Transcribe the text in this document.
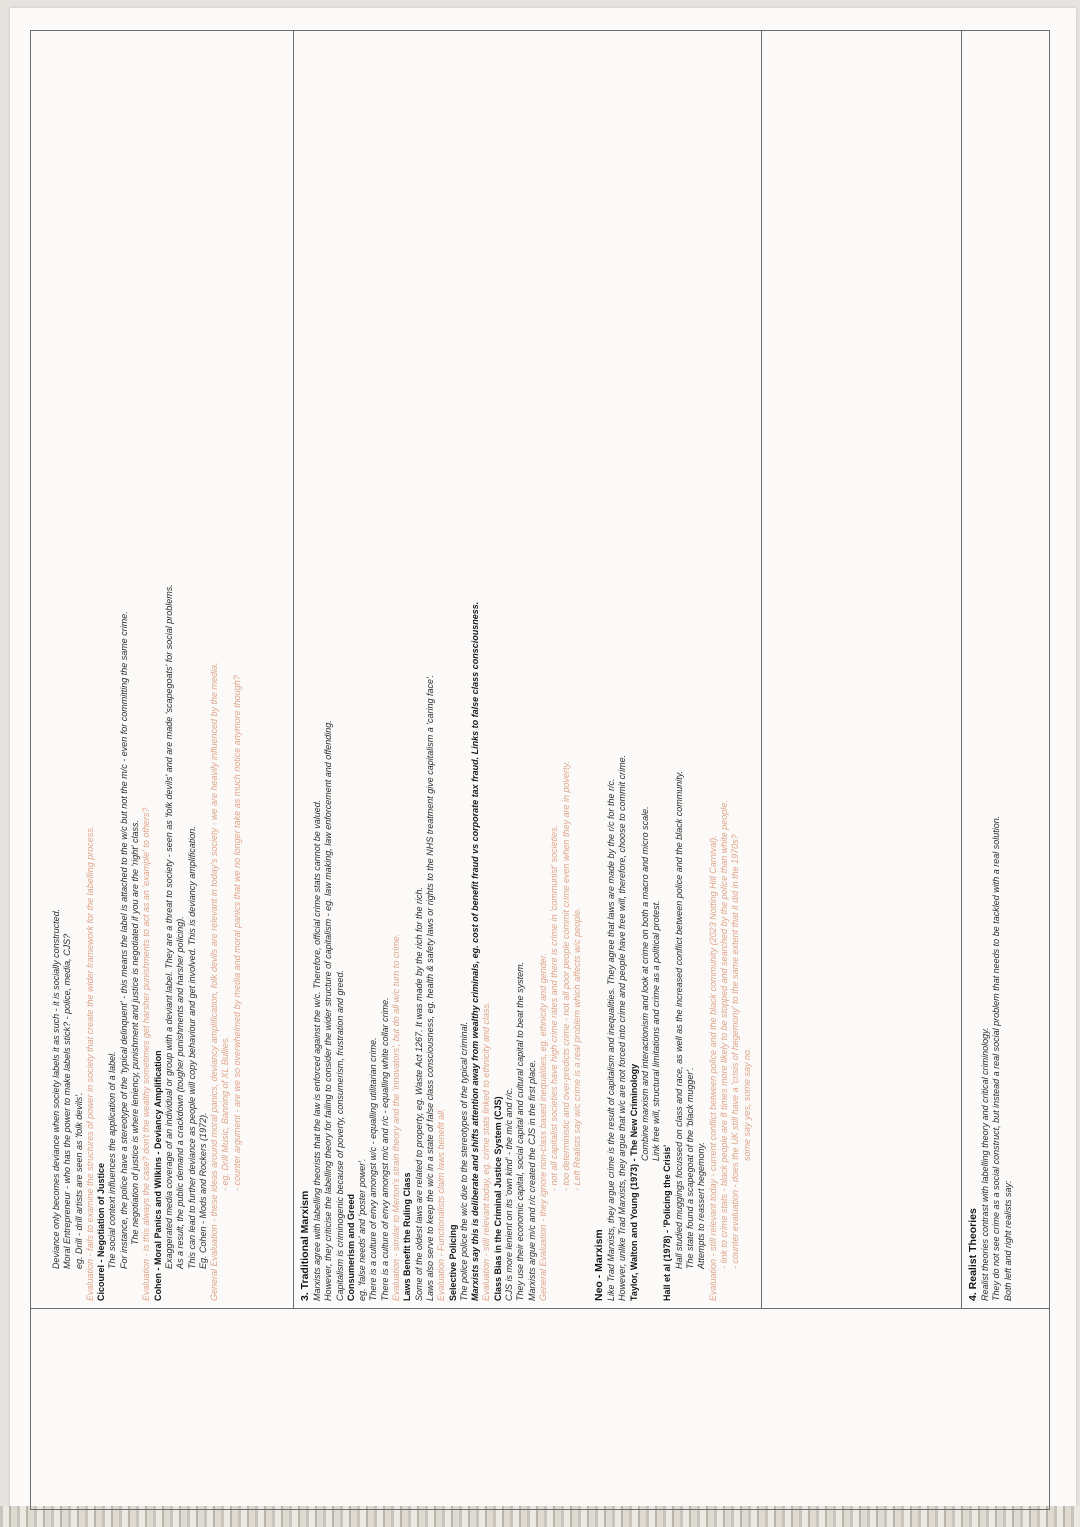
Deviance only becomes deviance when society labels it as such - it is socially constructed. Moral Entrepreneur - who has the power to make labels stick? - police, media, CJS? eg. Drill - drill artists are seen as 'folk devils'. Evaluation - fails to examine the structures of power in society that create the wider framework for the labelling process. Cicourel - Negotiation of Justice The social context influences the application of a label. For instance, the police have a stereotype of the 'typical delinquent' - this means the label is attached to the w/c but not the m/c - even for committing the same crime. The negotiation of justice is where leniency, punishment and justice is negotiated if you are the 'right' class. Evaluation - is this always the case? don't the wealthy sometimes get harsher punishments to act as an 'example' to others? Cohen - Moral Panics and Wilkins - Deviancy Amplification Exaggerated media coverage of an individual or group with a deviant label. They are a threat to society - seen as 'folk devils' and are made 'scapegoats' for social problems. As a result, the public demand a crackdown (tougher punishments and harsher policing). This can lead to further deviance as people will copy behaviour and get involved. This is deviancy amplification. Eg. Cohen - Mods and Rockers (1972). General Evaluation - these ideas around moral panics, deviancy amplification, folk devils are relevant in today's society - we are heavily influenced by the media. - eg. Drill Music, Banning of XL Bullies. - counter argument - are we so overwhelmed by media and moral panics that we no longer take as much notice anymore though?
3. Traditional Marxism Marxists agree with labelling theorists that the law is enforced against the w/c. Therefore, official crime stats cannot be valued. However, they criticise the labelling theory for failing to consider the wider structure of capitalism - eg. law making, law enforcement and offending. Capitalism is criminogenic because of poverty, consumerism, frustration and greed. Consumerism and Greed eg. 'false needs' and 'poster power'. There is a culture of envy amongst w/c - equalling utilitarian crime. There is a culture of envy amongst m/c and r/c - equalling white collar crime. Evaluation - similar to Merton's strain theory and the 'innovators', but do all w/c turn to crime. Laws Benefit the Ruling Class Some of the oldest laws are related to property, eg. Waste Act 1267. It was made by the rich for the rich. Laws also serve to keep the w/c in a state of false class consciousness, eg. health & safety laws or rights to the NHS treatment give capitalism a 'caring face'. Evaluation - Functionalists claim laws benefit all. Selective Policing The police police the w/c due to the stereotypes of the typical criminal. Marxists say this is deliberate and shifts attention away from wealthy criminals, eg. cost of benefit fraud vs corporate tax fraud. Links to false class consciousness. Evaluation - still relevant today, eg. crime stats linked to ethnicity and class. Class Bias in the Criminal Justice System (CJS) CJS is more lenient on its 'own kind' - the m/c and r/c. They use their economic capital, social capital and cultural capital to beat the system. Marxists argue m/c and r/c created the CJS in the first place. General Evaluation - they ignore non-class based inequalities, eg. ethnicity and gender. - not all capitalist societies have high crime rates and there is crime in 'communist' societies. - too deterministic and over-predicts crime - not all poor people commit crime even when they are in poverty. - Left Realists say w/c crime is a real problem which affects w/c people.
Neo - Marxism Like Trad Marxists, they argue crime is the result of capitalism and inequalities. They agree that laws are made by the r/c for the r/c. However, unlike Trad Marxists, they argue that w/c are not forced into crime and people have free will, therefore, choose to commit crime. Taylor, Walton and Young (1973) - The New Criminology
Combine marxism and interactionism and look at crime on both a macro and micro scale. Link free will, structural limitations and crime as a political protest.
Hall et al (1978) - 'Policing the Crisis' Hall studied muggings focussed on class and race, as well as the increased conflict between police and the black community. The state found a scapegoat of the 'black mugger'. Attempts to reassert hegemony. Evaluation - still relevant today - current conflict between police and the black community (2023 Notting Hill Carnival). - link to crime stats - black people are 8 times more likely to be stopped and searched by the police than white people. - counter evaluation - does the UK still have a 'crisis of hegemony' to the same extent that it did in the 1970s? some say yes, some say no.
4. Realist Theories Realist theories contrast with labelling theory and critical criminology. They do not see crime as a social construct, but instead a real social problem that needs to be tackled with a real solution. Both left and right realists say:
